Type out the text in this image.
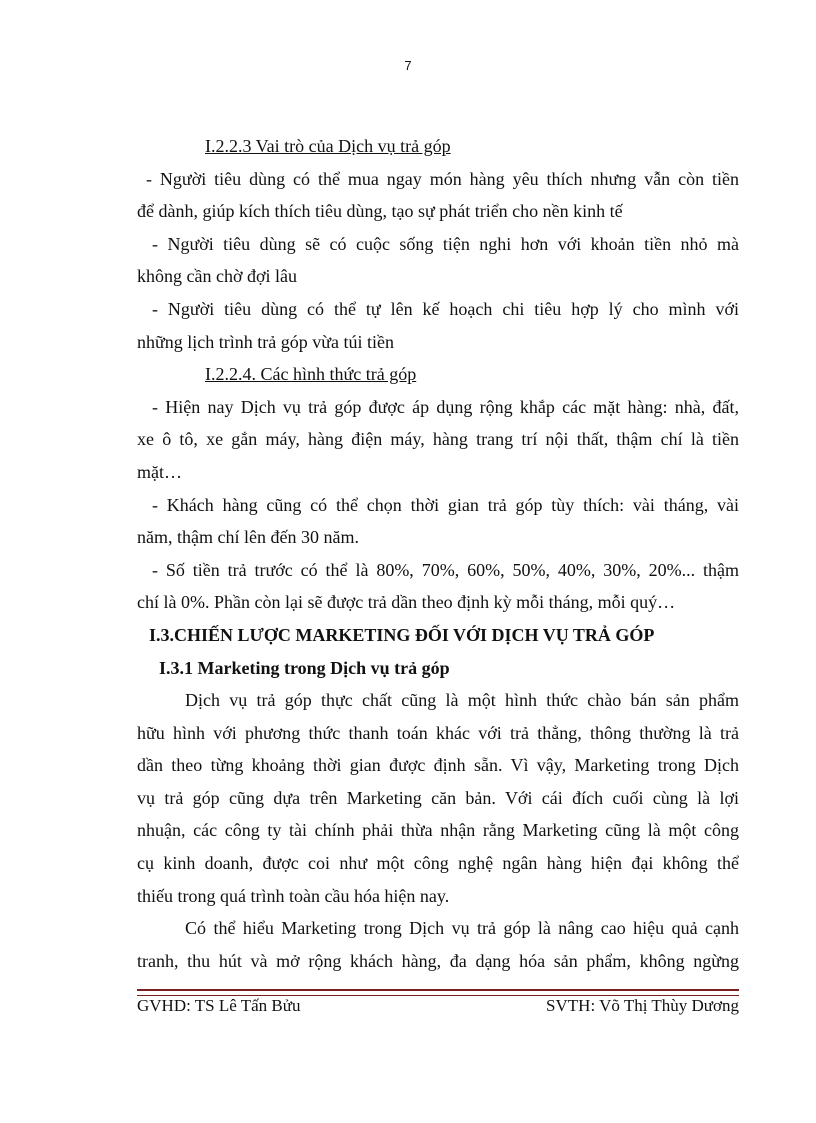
7
I.2.2.3 Vai trò của Dịch vụ trả góp
- Người tiêu dùng có thể mua ngay món hàng yêu thích nhưng vẫn còn tiền
để dành, giúp kích thích tiêu dùng, tạo sự phát triển cho nền kinh tế
- Người tiêu dùng sẽ có cuộc sống tiện nghi hơn với khoản tiền nhỏ mà
không cần chờ đợi lâu
- Người tiêu dùng có thể tự lên kế hoạch chi tiêu hợp lý cho mình với
những lịch trình trả góp vừa túi tiền
I.2.2.4. Các hình thức trả góp
- Hiện nay Dịch vụ trả góp được áp dụng rộng khắp các mặt hàng: nhà, đất,
xe ô tô, xe gắn máy, hàng điện máy, hàng trang trí nội thất, thậm chí là tiền
mặt…
- Khách hàng cũng có thể chọn thời gian trả góp tùy thích: vài tháng, vài
năm, thậm chí lên đến 30 năm.
- Số tiền trả trước có thể là 80%, 70%, 60%, 50%, 40%, 30%, 20%... thậm
chí là 0%. Phần còn lại sẽ được trả dần theo định kỳ mỗi tháng, mỗi quý…
I.3.CHIẾN LƯỢC MARKETING ĐỐI VỚI DỊCH VỤ TRẢ GÓP
I.3.1 Marketing trong Dịch vụ trả góp
Dịch vụ trả góp thực chất cũng là một hình thức chào bán sản phẩm
hữu hình với phương thức thanh toán khác với trả thẳng, thông thường là trả
dần theo từng khoảng thời gian được định sẵn. Vì vậy, Marketing trong Dịch
vụ trả góp cũng dựa trên Marketing căn bản. Với cái đích cuối cùng là lợi
nhuận, các công ty tài chính phải thừa nhận rằng Marketing cũng là một công
cụ kinh doanh, được coi như một công nghệ ngân hàng hiện đại không thể
thiếu trong quá trình toàn cầu hóa hiện nay.
Có thể hiểu Marketing trong Dịch vụ trả góp là nâng cao hiệu quả cạnh
tranh, thu hút và mở rộng khách hàng, đa dạng hóa sản phẩm, không ngừng
GVHD: TS Lê Tấn Bửu	SVTH: Võ Thị Thùy Dương
